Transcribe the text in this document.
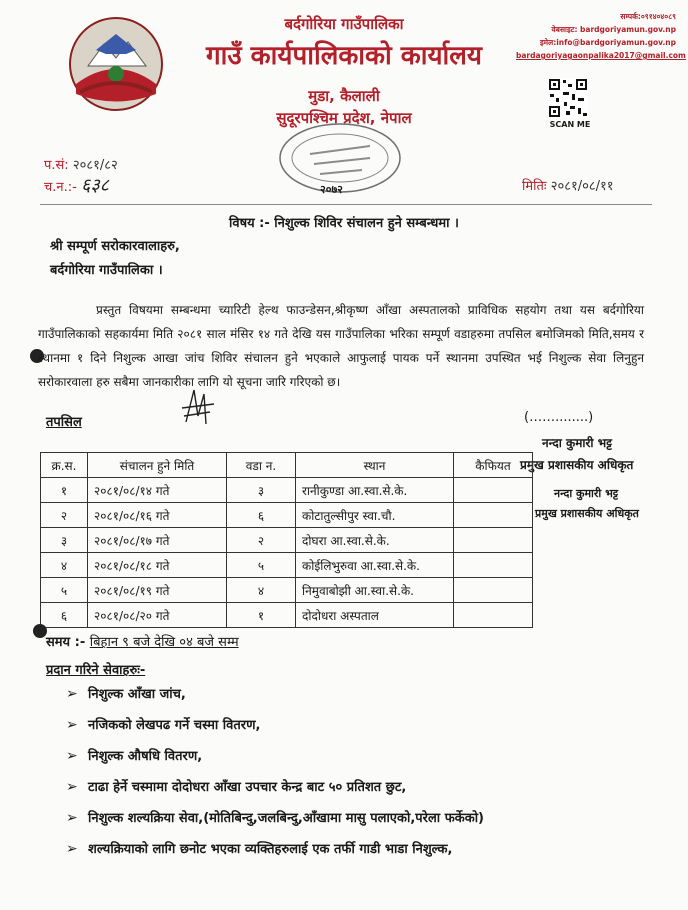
बर्दगोरिया गाउँपालिका
गाउँ कार्यपालिकाको कार्यालय
मुडा, कैलाली
सुदूरपश्चिम प्रदेश, नेपाल
सम्पर्क:०९१४०४०८९
वेबसाइट: bardgoriyamun.gov.np
इमेल:info@bardgoriyamun.gov.np
bardagoriyagaonpalika2017@gmail.com
SCAN ME
प.सं: २०८१/८२
च.न.:- ६३८	मितिः २०८१/०८/११
२०७२
विषय :- निशुल्क शिविर संचालन हुने सम्बन्धमा ।
श्री सम्पूर्ण सरोकारवालाहरु,
बर्दगोरिया गाउँपालिका ।
प्रस्तुत विषयमा सम्बन्धमा च्यारिटी हेल्थ फाउन्डेसन,श्रीकृष्ण आँखा अस्पतालको प्राविधिक सहयोग तथा यस बर्दगोरिया गाउँपालिकाको सहकार्यमा मिति २०८१ साल मंसिर १४ गते देखि यस गाउँपालिका भरिका सम्पूर्ण वडाहरुमा तपसिल बमोजिमको मिति,समय र स्थानमा १ दिने निशुल्क आखा जांच शिविर संचालन हुने भएकाले आफुलाई पायक पर्ने स्थानमा उपस्थित भई निशुल्क सेवा लिनुहुन सरोकारवाला हरु सबैमा जानकारीका लागि यो सूचना जारि गरिएको छ।
तपसिल	(……........)
नन्दा कुमारी भट्ट
प्रमुख प्रशासकीय अधिकृत
नन्दा कुमारी भट्ट
प्रमुख प्रशासकीय अधिकृत
क्र.स.	संचालन हुने मिति	वडा न.	स्थान	कैफियत
१	२०८१/०८/१४ गते	३	रानीकुण्डा आ.स्वा.से.के.	
२	२०८१/०८/१६ गते	६	कोटातुल्सीपुर स्वा.चौ.	
३	२०८१/०८/१७ गते	२	दोघरा आ.स्वा.से.के.	
४	२०८१/०८/१८ गते	५	कोईलिभुरुवा आ.स्वा.से.के.	
५	२०८१/०८/१९ गते	४	निमुवाबोझी आ.स्वा.से.के.	
६	२०८१/०८/२० गते	१	दोदोधरा अस्पताल	
समय :- बिहान ९ बजे देखि ०४ बजे सम्म
प्रदान गरिने सेवाहरुः-
➢ निशुल्क आँखा जांच,
➢ नजिकको लेखपढ गर्ने चस्मा वितरण,
➢ निशुल्क औषधि वितरण,
➢ टाढा हेर्ने चस्मामा दोदोधरा आँखा उपचार केन्द्र बाट ५० प्रतिशत छुट,
➢ निशुल्क शल्यक्रिया सेवा,(मोतिबिन्दु,जलबिन्दु,आँखामा मासु पलाएको,परेला फर्केको)
➢ शल्यक्रियाको लागि छनोट भएका व्यक्तिहरुलाई एक तर्फी गाडी भाडा निशुल्क,
